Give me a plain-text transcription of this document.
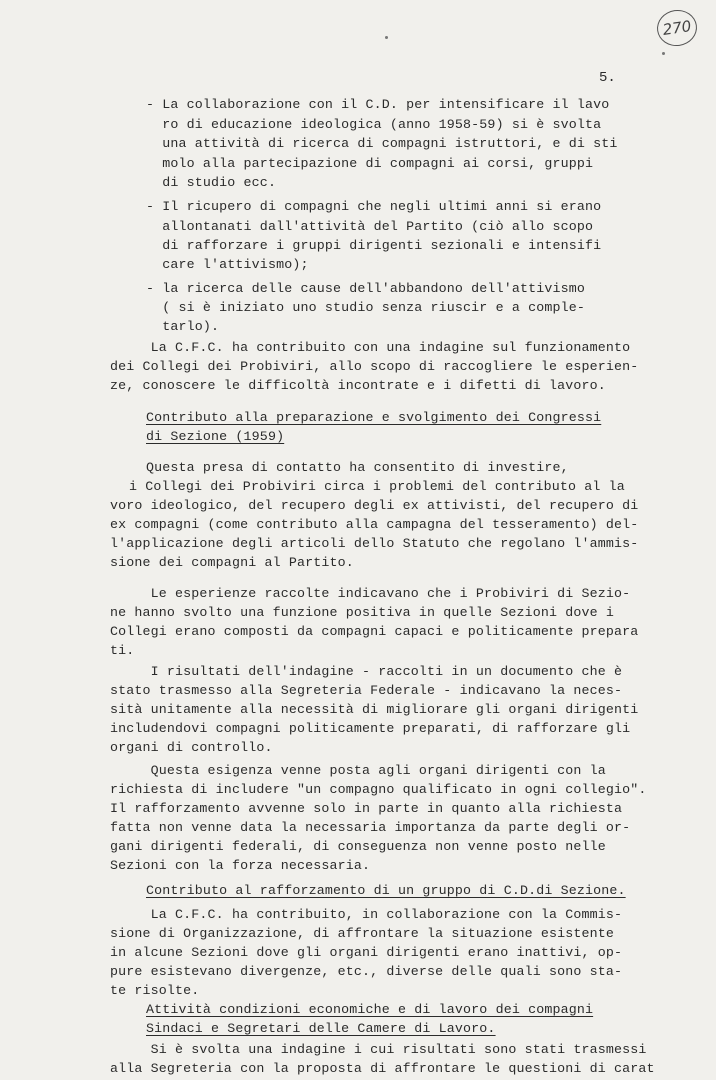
270
5.
- La collaborazione con il C.D. per intensificare il lavo
ro di educazione ideologica (anno 1958-59) si è svolta
una attività di ricerca di compagni istruttori, e di sti
molo alla partecipazione di compagni ai corsi, gruppi
di studio ecc.
- Il ricupero di compagni che negli ultimi anni si erano
allontanati dall'attività del Partito (ciò allo scopo
di rafforzare i gruppi dirigenti sezionali e intensifi
care l'attivismo);
- la ricerca delle cause dell'abbandono dell'attivismo
( si è iniziato uno studio senza riuscir e a comple-
tarlo).
La C.F.C. ha contribuito con una indagine sul funzionamento
dei Collegi dei Probiviri, allo scopo di raccogliere le esperien-
ze, conoscere le difficoltà incontrate e i difetti di lavoro.
Contributo alla preparazione e svolgimento dei Congressi
di Sezione (1959)
Questa presa di contatto ha consentito di investire,
i Collegi dei Probiviri circa i problemi del contributo al la
voro ideologico, del recupero degli ex attivisti, del recupero di
ex compagni (come contributo alla campagna del tesseramento) del-
l'applicazione degli articoli dello Statuto che regolano l'ammis-
sione dei compagni al Partito.
Le esperienze raccolte indicavano che i Probiviri di Sezio-
ne hanno svolto una funzione positiva in quelle Sezioni dove i
Collegi erano composti da compagni capaci e politicamente prepara
ti.
I risultati dell'indagine - raccolti in un documento che è
stato trasmesso alla Segreteria Federale - indicavano la neces-
sità unitamente alla necessità di migliorare gli organi dirigenti
includendovi compagni politicamente preparati, di rafforzare gli
organi di controllo.
Questa esigenza venne posta agli organi dirigenti con la
richiesta di includere "un compagno qualificato in ogni collegio".
Il rafforzamento avvenne solo in parte in quanto alla richiesta
fatta non venne data la necessaria importanza da parte degli or-
gani dirigenti federali, di conseguenza non venne posto nelle
Sezioni con la forza necessaria.
Contributo al rafforzamento di un gruppo di C.D.di Sezione.
La C.F.C. ha contribuito, in collaborazione con la Commis-
sione di Organizzazione, di affrontare la situazione esistente
in alcune Sezioni dove gli organi dirigenti erano inattivi, op-
pure esistevano divergenze, etc., diverse delle quali sono sta-
te risolte.
Attività condizioni economiche e di lavoro dei compagni
Sindaci e Segretari delle Camere di Lavoro.
Si è svolta una indagine i cui risultati sono stati trasmessi
alla Segreteria con la proposta di affrontare le questioni di carat
